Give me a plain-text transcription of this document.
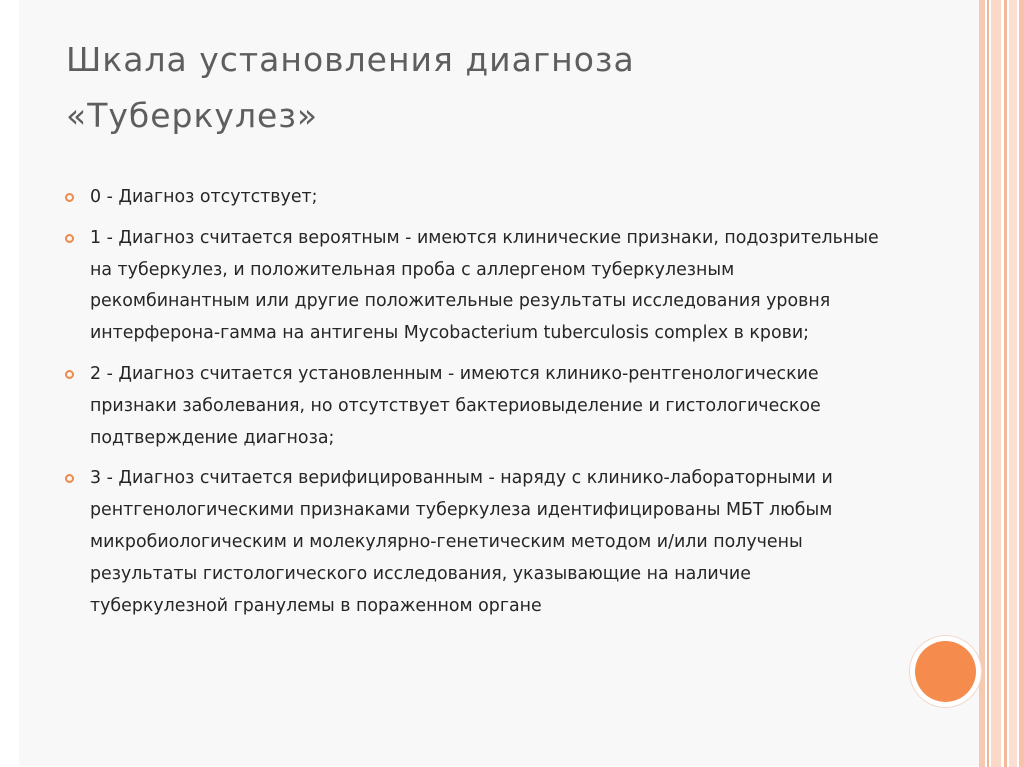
Шкала установления диагноза
«Туберкулез»
0 - Диагноз отсутствует;
1 - Диагноз считается вероятным - имеются клинические признаки, подозрительные на туберкулез, и положительная проба с аллергеном туберкулезным рекомбинантным или другие положительные результаты исследования уровня интерферона-гамма на антигены Mycobacterium tuberculosis complex в крови;
2 - Диагноз считается установленным - имеются клинико-рентгенологические признаки заболевания, но отсутствует бактериовыделение и гистологическое подтверждение диагноза;
3 - Диагноз считается верифицированным - наряду с клинико-лабораторными и рентгенологическими признаками туберкулеза идентифицированы МБТ любым микробиологическим и молекулярно-генетическим методом и/или получены результаты гистологического исследования, указывающие на наличие туберкулезной гранулемы в пораженном органе
